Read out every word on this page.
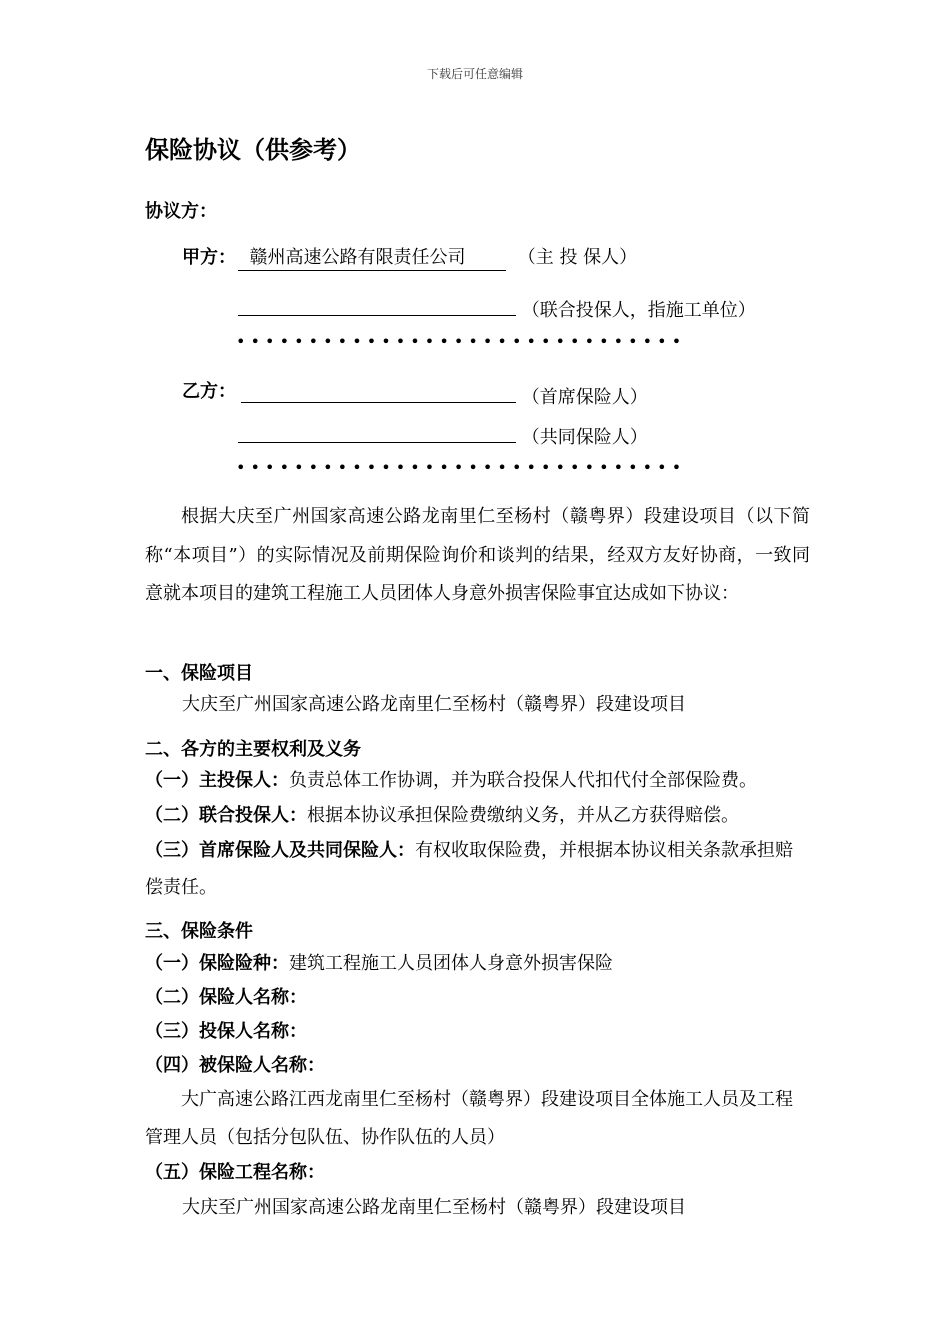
下载后可任意编辑
保险协议（供参考）
协议方：
甲方： 赣州高速公路有限责任公司	（主 投 保人）
（联合投保人，指施工单位）
• • • • • • • • • • • • • • • • • • • • • • • • • • • • • • •
乙方：	（首席保险人）
（共同保险人）
• • • • • • • • • • • • • • • • • • • • • • • • • • • • • • •
根据大庆至广州国家高速公路龙南里仁至杨村（赣粤界）段建设项目（以下简称“本项目”）的实际情况及前期保险询价和谈判的结果，经双方友好协商，一致同意就本项目的建筑工程施工人员团体人身意外损害保险事宜达成如下协议：
一、保险项目
大庆至广州国家高速公路龙南里仁至杨村（赣粤界）段建设项目
二、各方的主要权利及义务
（一）主投保人：负责总体工作协调，并为联合投保人代扣代付全部保险费。
（二）联合投保人：根据本协议承担保险费缴纳义务，并从乙方获得赔偿。
（三）首席保险人及共同保险人：有权收取保险费，并根据本协议相关条款承担赔偿责任。
三、保险条件
（一）保险险种：建筑工程施工人员团体人身意外损害保险
（二）保险人名称：
（三）投保人名称：
（四）被保险人名称：
大广高速公路江西龙南里仁至杨村（赣粤界）段建设项目全体施工人员及工程管理人员（包括分包队伍、协作队伍的人员）
（五）保险工程名称：
大庆至广州国家高速公路龙南里仁至杨村（赣粤界）段建设项目
